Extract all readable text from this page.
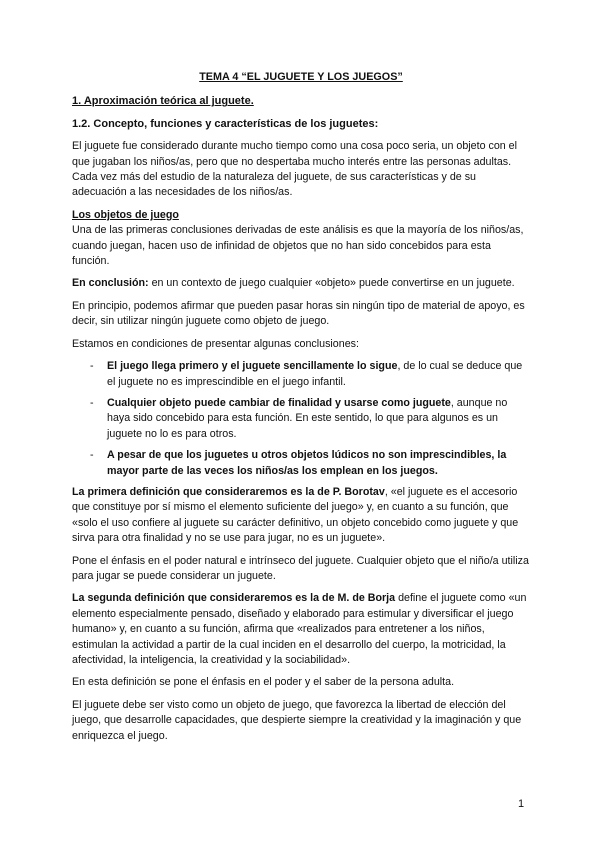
TEMA 4 “EL JUGUETE Y LOS JUEGOS”
1. Aproximación teórica al juguete.
1.2. Concepto, funciones y características de los juguetes:

El juguete fue considerado durante mucho tiempo como una cosa poco seria, un objeto con el que jugaban los niños/as, pero que no despertaba mucho interés entre las personas adultas.
Cada vez más del estudio de la naturaleza del juguete, de sus características y de su adecuación a las necesidades de los niños/as.

Los objetos de juego

Una de las primeras conclusiones derivadas de este análisis es que la mayoría de los niños/as, cuando juegan, hacen uso de infinidad de objetos que no han sido concebidos para esta función.

En conclusión: en un contexto de juego cualquier «objeto» puede convertirse en un juguete.

En principio, podemos afirmar que pueden pasar horas sin ningún tipo de material de apoyo, es decir, sin utilizar ningún juguete como objeto de juego.

Estamos en condiciones de presentar algunas conclusiones:

- El juego llega primero y el juguete sencillamente lo sigue, de lo cual se deduce que el juguete no es imprescindible en el juego infantil.
- Cualquier objeto puede cambiar de finalidad y usarse como juguete, aunque no haya sido concebido para esta función. En este sentido, lo que para algunos es un juguete no lo es para otros.
- A pesar de que los juguetes u otros objetos lúdicos no son imprescindibles, la mayor parte de las veces los niños/as los emplean en los juegos.

La primera definición que consideraremos es la de P. Borotav, «el juguete es el accesorio que constituye por sí mismo el elemento suficiente del juego» y, en cuanto a su función, que «solo el uso confiere al juguete su carácter definitivo, un objeto concebido como juguete y que sirva para otra finalidad y no se use para jugar, no es un juguete».

Pone el énfasis en el poder natural e intrínseco del juguete. Cualquier objeto que el niño/a utiliza para jugar se puede considerar un juguete.

La segunda definición que consideraremos es la de M. de Borja define el juguete como «un elemento especialmente pensado, diseñado y elaborado para estimular y diversificar el juego humano» y, en cuanto a su función, afirma que «realizados para entretener a los niños, estimulan la actividad a partir de la cual inciden en el desarrollo del cuerpo, la motricidad, la afectividad, la inteligencia, la creatividad y la sociabilidad».

En esta definición se pone el énfasis en el poder y el saber de la persona adulta.

El juguete debe ser visto como un objeto de juego, que favorezca la libertad de elección del juego, que desarrolle capacidades, que despierte siempre la creatividad y la imaginación y que enriquezca el juego.

1
